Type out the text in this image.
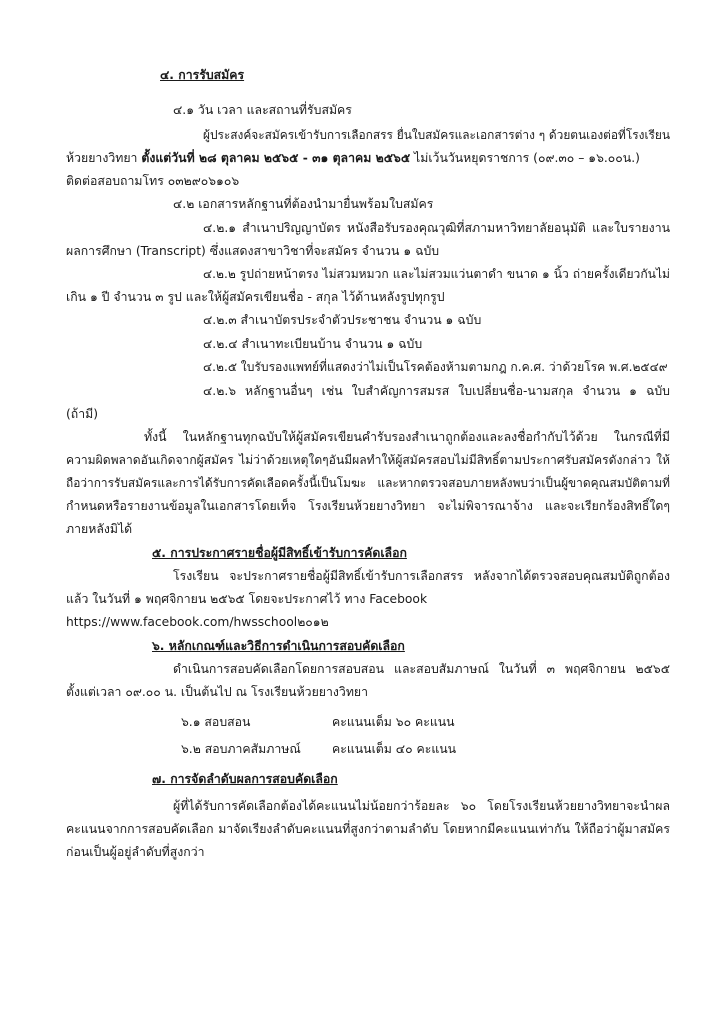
๔. การรับสมัคร
๔.๑ วัน เวลา และสถานที่รับสมัคร
ผู้ประสงค์จะสมัครเข้ารับการเลือกสรร ยื่นใบสมัครและเอกสารต่าง ๆ ด้วยตนเองต่อที่โรงเรียน
ห้วยยางวิทยา ตั้งแต่วันที่ ๒๘ ตุลาคม ๒๕๖๕ - ๓๑ ตุลาคม ๒๕๖๕ ไม่เว้นวันหยุดราชการ (๐๙.๓๐ – ๑๖.๐๐น.)
ติดต่อสอบถามโทร ๐๓๒๙๐๖๑๐๖
๔.๒ เอกสารหลักฐานที่ต้องนำมายื่นพร้อมใบสมัคร
๔.๒.๑ สำเนาปริญญาบัตร หนังสือรับรองคุณวุฒิที่สภามหาวิทยาลัยอนุมัติ และใบรายงาน
ผลการศึกษา (Transcript) ซึ่งแสดงสาขาวิชาที่จะสมัคร จำนวน ๑ ฉบับ
๔.๒.๒ รูปถ่ายหน้าตรง ไม่สวมหมวก และไม่สวมแว่นตาดำ ขนาด ๑ นิ้ว ถ่ายครั้งเดียวกันไม่
เกิน ๑ ปี จำนวน ๓ รูป และให้ผู้สมัครเขียนชื่อ - สกุล ไว้ด้านหลังรูปทุกรูป
๔.๒.๓ สำเนาบัตรประจำตัวประชาชน จำนวน ๑ ฉบับ
๔.๒.๔ สำเนาทะเบียนบ้าน จำนวน ๑ ฉบับ
๔.๒.๕ ใบรับรองแพทย์ที่แสดงว่าไม่เป็นโรคต้องห้ามตามกฎ ก.ค.ศ. ว่าด้วยโรค พ.ศ.๒๕๔๙
๔.๒.๖ หลักฐานอื่นๆ เช่น ใบสำคัญการสมรส ใบเปลี่ยนชื่อ-นามสกุล จำนวน ๑ ฉบับ
(ถ้ามี)
ทั้งนี้ ในหลักฐานทุกฉบับให้ผู้สมัครเขียนคำรับรองสำเนาถูกต้องและลงชื่อกำกับไว้ด้วย ในกรณีที่มี
ความผิดพลาดอันเกิดจากผู้สมัคร ไม่ว่าด้วยเหตุใดๆอันมีผลทำให้ผู้สมัครสอบไม่มีสิทธิ์ตามประกาศรับสมัครดังกล่าว ให้
ถือว่าการรับสมัครและการได้รับการคัดเลือดครั้งนี้เป็นโมฆะ และหากตรวจสอบภายหลังพบว่าเป็นผู้ขาดคุณสมบัติตามที่
กำหนดหรือรายงานข้อมูลในเอกสารโดยเท็จ โรงเรียนห้วยยางวิทยา จะไม่พิจารณาจ้าง และจะเรียกร้องสิทธิ์ใดๆ
ภายหลังมิได้
๕. การประกาศรายชื่อผู้มีสิทธิ์เข้ารับการคัดเลือก
โรงเรียน จะประกาศรายชื่อผู้มีสิทธิ์เข้ารับการเลือกสรร หลังจากได้ตรวจสอบคุณสมบัติถูกต้อง
แล้ว ในวันที่ ๑ พฤศจิกายน ๒๕๖๕ โดยจะประกาศไว้ ทาง Facebook
https://www.facebook.com/hwsschool๒๐๑๒
๖. หลักเกณฑ์และวิธีการดำเนินการสอบคัดเลือก
ดำเนินการสอบคัดเลือกโดยการสอบสอน และสอบสัมภาษณ์ ในวันที่ ๓ พฤศจิกายน ๒๕๖๕
ตั้งแต่เวลา ๐๙.๐๐ น. เป็นต้นไป ณ โรงเรียนห้วยยางวิทยา
๖.๑ สอบสอน	คะแนนเต็ม ๖๐ คะแนน
๖.๒ สอบภาคสัมภาษณ์	คะแนนเต็ม ๔๐ คะแนน
๗. การจัดลำดับผลการสอบคัดเลือก
ผู้ที่ได้รับการคัดเลือกต้องได้คะแนนไม่น้อยกว่าร้อยละ ๖๐ โดยโรงเรียนห้วยยางวิทยาจะนำผล
คะแนนจากการสอบคัดเลือก มาจัดเรียงลำดับคะแนนที่สูงกว่าตามลำดับ โดยหากมีคะแนนเท่ากัน ให้ถือว่าผู้มาสมัคร
ก่อนเป็นผู้อยู่ลำดับที่สูงกว่า
